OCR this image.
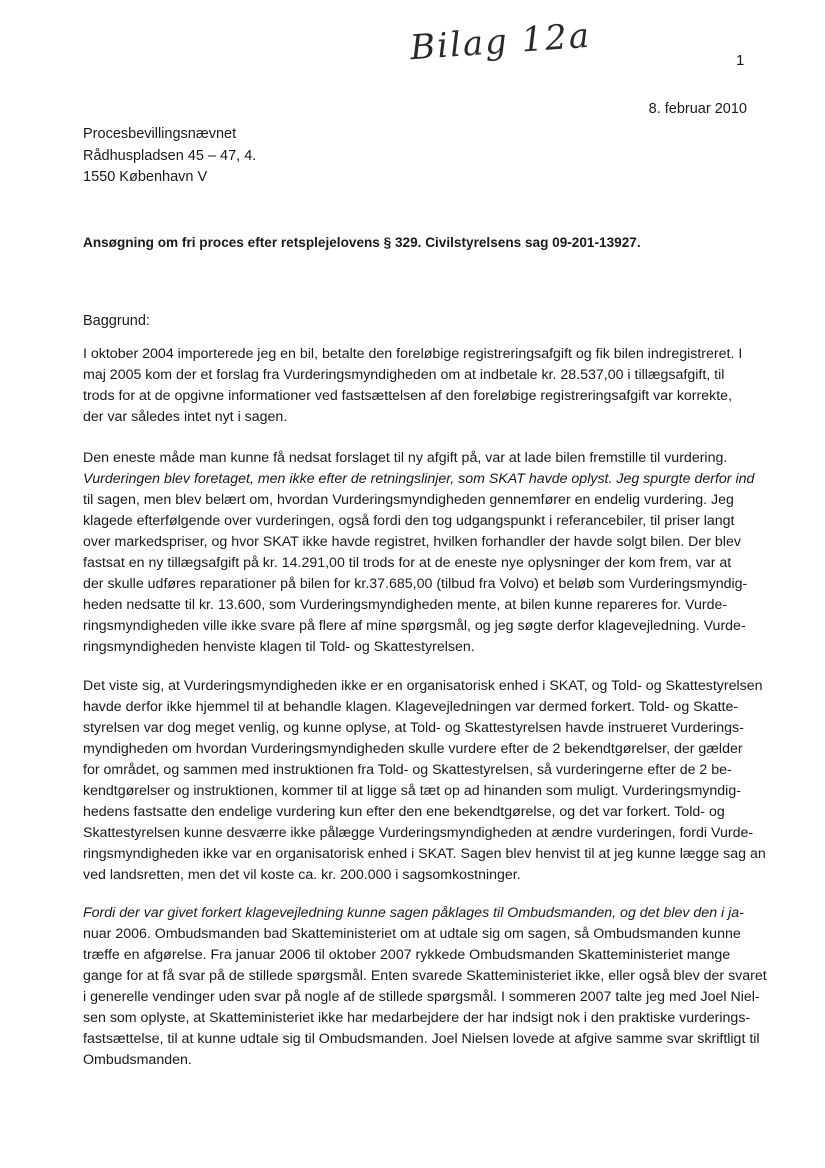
Bilag 12a	1
8. februar 2010
Procesbevillingsnævnet
Rådhuspladsen 45 – 47, 4.
1550 København V
Ansøgning om fri proces efter retsplejelovens § 329. Civilstyrelsens sag 09-201-13927.
Baggrund:
I oktober 2004 importerede jeg en bil, betalte den foreløbige registreringsafgift og fik bilen indregistreret. I
maj 2005 kom der et forslag fra Vurderingsmyndigheden om at indbetale kr. 28.537,00 i tillægsafgift, til
trods for at de opgivne informationer ved fastsættelsen af den foreløbige registreringsafgift var korrekte,
der var således intet nyt i sagen.
Den eneste måde man kunne få nedsat forslaget til ny afgift på, var at lade bilen fremstille til vurdering.
Vurderingen blev foretaget, men ikke efter de retningslinjer, som SKAT havde oplyst. Jeg spurgte derfor ind
til sagen, men blev belært om, hvordan Vurderingsmyndigheden gennemfører en endelig vurdering. Jeg
klagede efterfølgende over vurderingen, også fordi den tog udgangspunkt i referancebiler, til priser langt
over markedspriser, og hvor SKAT ikke havde registret, hvilken forhandler der havde solgt bilen. Der blev
fastsat en ny tillægsafgift på kr. 14.291,00 til trods for at de eneste nye oplysninger der kom frem, var at
der skulle udføres reparationer på bilen for kr.37.685,00 (tilbud fra Volvo) et beløb som Vurderingsmyndig-
heden nedsatte til kr. 13.600, som Vurderingsmyndigheden mente, at bilen kunne repareres for. Vurde-
ringsmyndigheden ville ikke svare på flere af mine spørgsmål, og jeg søgte derfor klagevejledning. Vurde-
ringsmyndigheden henviste klagen til Told- og Skattestyrelsen.
Det viste sig, at Vurderingsmyndigheden ikke er en organisatorisk enhed i SKAT, og Told- og Skattestyrelsen
havde derfor ikke hjemmel til at behandle klagen. Klagevejledningen var dermed forkert. Told- og Skatte-
styrelsen var dog meget venlig, og kunne oplyse, at Told- og Skattestyrelsen havde instrueret Vurderings-
myndigheden om hvordan Vurderingsmyndigheden skulle vurdere efter de 2 bekendtgørelser, der gælder
for området, og sammen med instruktionen fra Told- og Skattestyrelsen, så vurderingerne efter de 2 be-
kendtgørelser og instruktionen, kommer til at ligge så tæt op ad hinanden som muligt. Vurderingsmyndig-
hedens fastsatte den endelige vurdering kun efter den ene bekendtgørelse, og det var forkert. Told- og
Skattestyrelsen kunne desværre ikke pålægge Vurderingsmyndigheden at ændre vurderingen, fordi Vurde-
ringsmyndigheden ikke var en organisatorisk enhed i SKAT. Sagen blev henvist til at jeg kunne lægge sag an
ved landsretten, men det vil koste ca. kr. 200.000 i sagsomkostninger.
Fordi der var givet forkert klagevejledning kunne sagen påklages til Ombudsmanden, og det blev den i ja-
nuar 2006. Ombudsmanden bad Skatteministeriet om at udtale sig om sagen, så Ombudsmanden kunne
træffe en afgørelse. Fra januar 2006 til oktober 2007 rykkede Ombudsmanden Skatteministeriet mange
gange for at få svar på de stillede spørgsmål. Enten svarede Skatteministeriet ikke, eller også blev der svaret
i generelle vendinger uden svar på nogle af de stillede spørgsmål. I sommeren 2007 talte jeg med Joel Niel-
sen som oplyste, at Skatteministeriet ikke har medarbejdere der har indsigt nok i den praktiske vurderings-
fastsættelse, til at kunne udtale sig til Ombudsmanden. Joel Nielsen lovede at afgive samme svar skriftligt til
Ombudsmanden.
